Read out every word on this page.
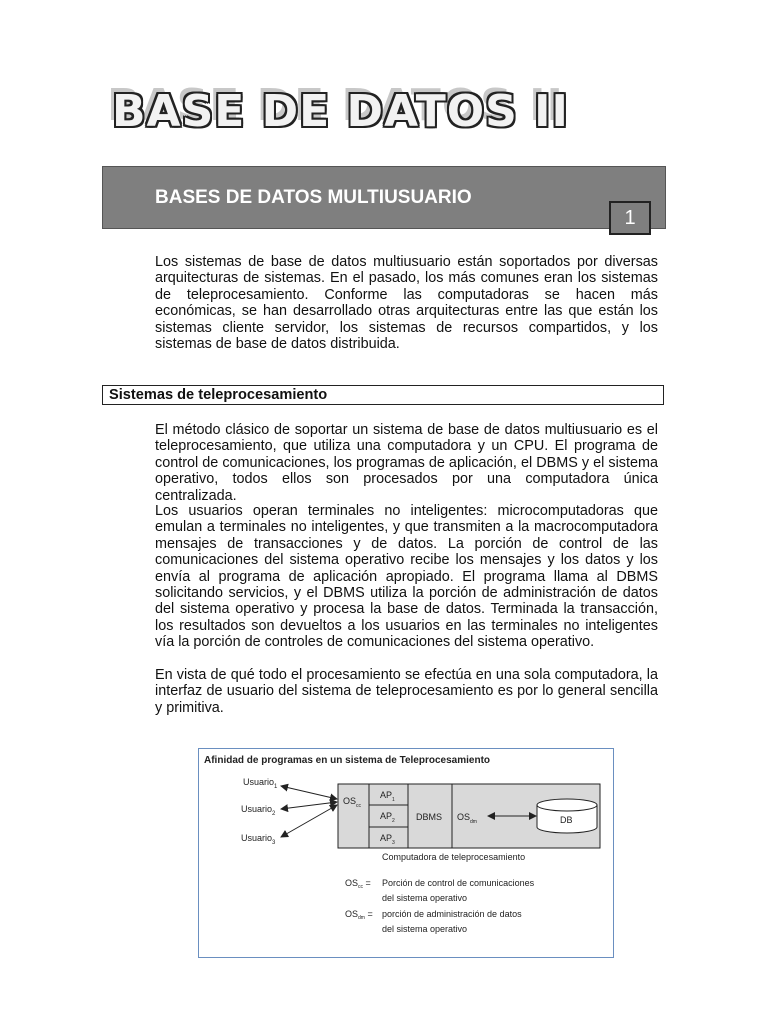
BASE DE DATOS II
BASES DE DATOS MULTIUSUARIO
1

Los sistemas de base de datos multiusuario están soportados por diversas arquitecturas de sistemas. En el pasado, los más comunes eran los sistemas de teleprocesamiento. Conforme las computadoras se hacen más económicas, se han desarrollado otras arquitecturas entre las que están los sistemas cliente servidor, los sistemas de recursos compartidos, y los sistemas de base de datos distribuida.

Sistemas de teleprocesamiento

El método clásico de soportar un sistema de base de datos multiusuario es el teleprocesamiento, que utiliza una computadora y un CPU. El programa de control de comunicaciones, los programas de aplicación, el DBMS y el sistema operativo, todos ellos son procesados por una computadora única centralizada.

Los usuarios operan terminales no inteligentes: microcomputadoras que emulan a terminales no inteligentes, y que transmiten a la macrocomputadora mensajes de transacciones y de datos. La porción de control de las comunicaciones del sistema operativo recibe los mensajes y los datos y los envía al programa de aplicación apropiado. El programa llama al DBMS solicitando servicios, y el DBMS utiliza la porción de administración de datos del sistema operativo y procesa la base de datos. Terminada la transacción, los resultados son devueltos a los usuarios en las terminales no inteligentes vía la porción de controles de comunicaciones del sistema operativo.

En vista de qué todo el procesamiento se efectúa en una sola computadora, la interfaz de usuario del sistema de teleprocesamiento es por lo general sencilla y primitiva.

Afinidad de programas en un sistema de Teleprocesamiento
Usuario$_1$
Usuario$_2$
Usuario$_3$
$OS_{cc}$
$AP_1$
$AP_2$
$AP_3$
DBMS $OS_{dm}$	DB
Computadora de teleprocesamiento
$OS_{cc}$ = Porción de control de comunicaciones
del sistema operativo
$OS_{dm}$ = porción de administración de datos
del sistema operativo
